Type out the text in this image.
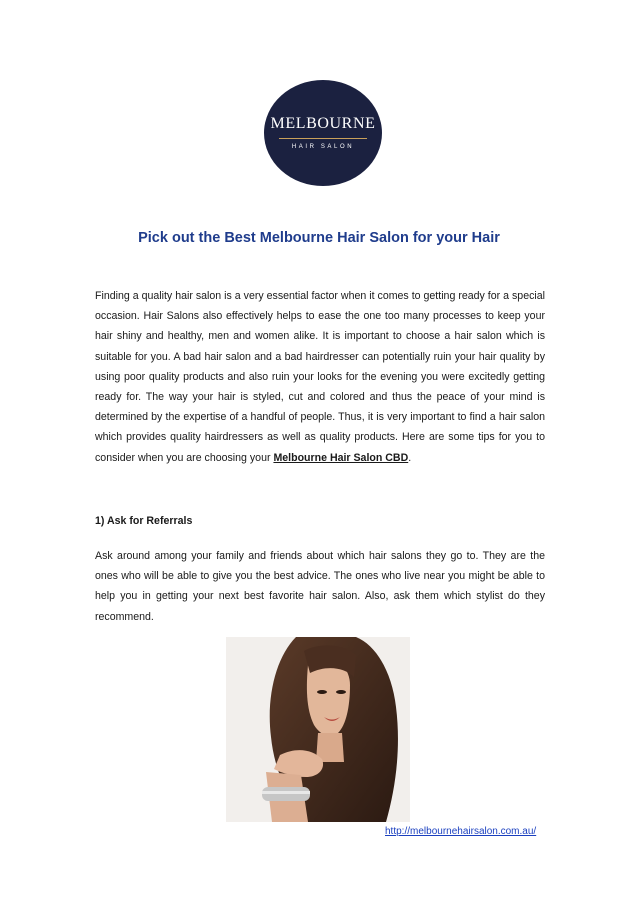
MELBOURNE
HAIR SALON
Pick out the Best Melbourne Hair Salon for your Hair

Finding a quality hair salon is a very essential factor when it comes to getting ready for a special occasion. Hair Salons also effectively helps to ease the one too many processes to keep your hair shiny and healthy, men and women alike. It is important to choose a hair salon which is suitable for you. A bad hair salon and a bad hairdresser can potentially ruin your hair quality by using poor quality products and also ruin your looks for the evening you were excitedly getting ready for. The way your hair is styled, cut and colored and thus the peace of your mind is determined by the expertise of a handful of people. Thus, it is very important to find a hair salon which provides quality hairdressers as well as quality products. Here are some tips for you to consider when you are choosing your Melbourne Hair Salon CBD.

1) Ask for Referrals

Ask around among your family and friends about which hair salons they go to. They are the ones who will be able to give you the best advice. The ones who live near you might be able to help you in getting your next best favorite hair salon. Also, ask them which stylist do they recommend.

http://melbournehairsalon.com.au/
